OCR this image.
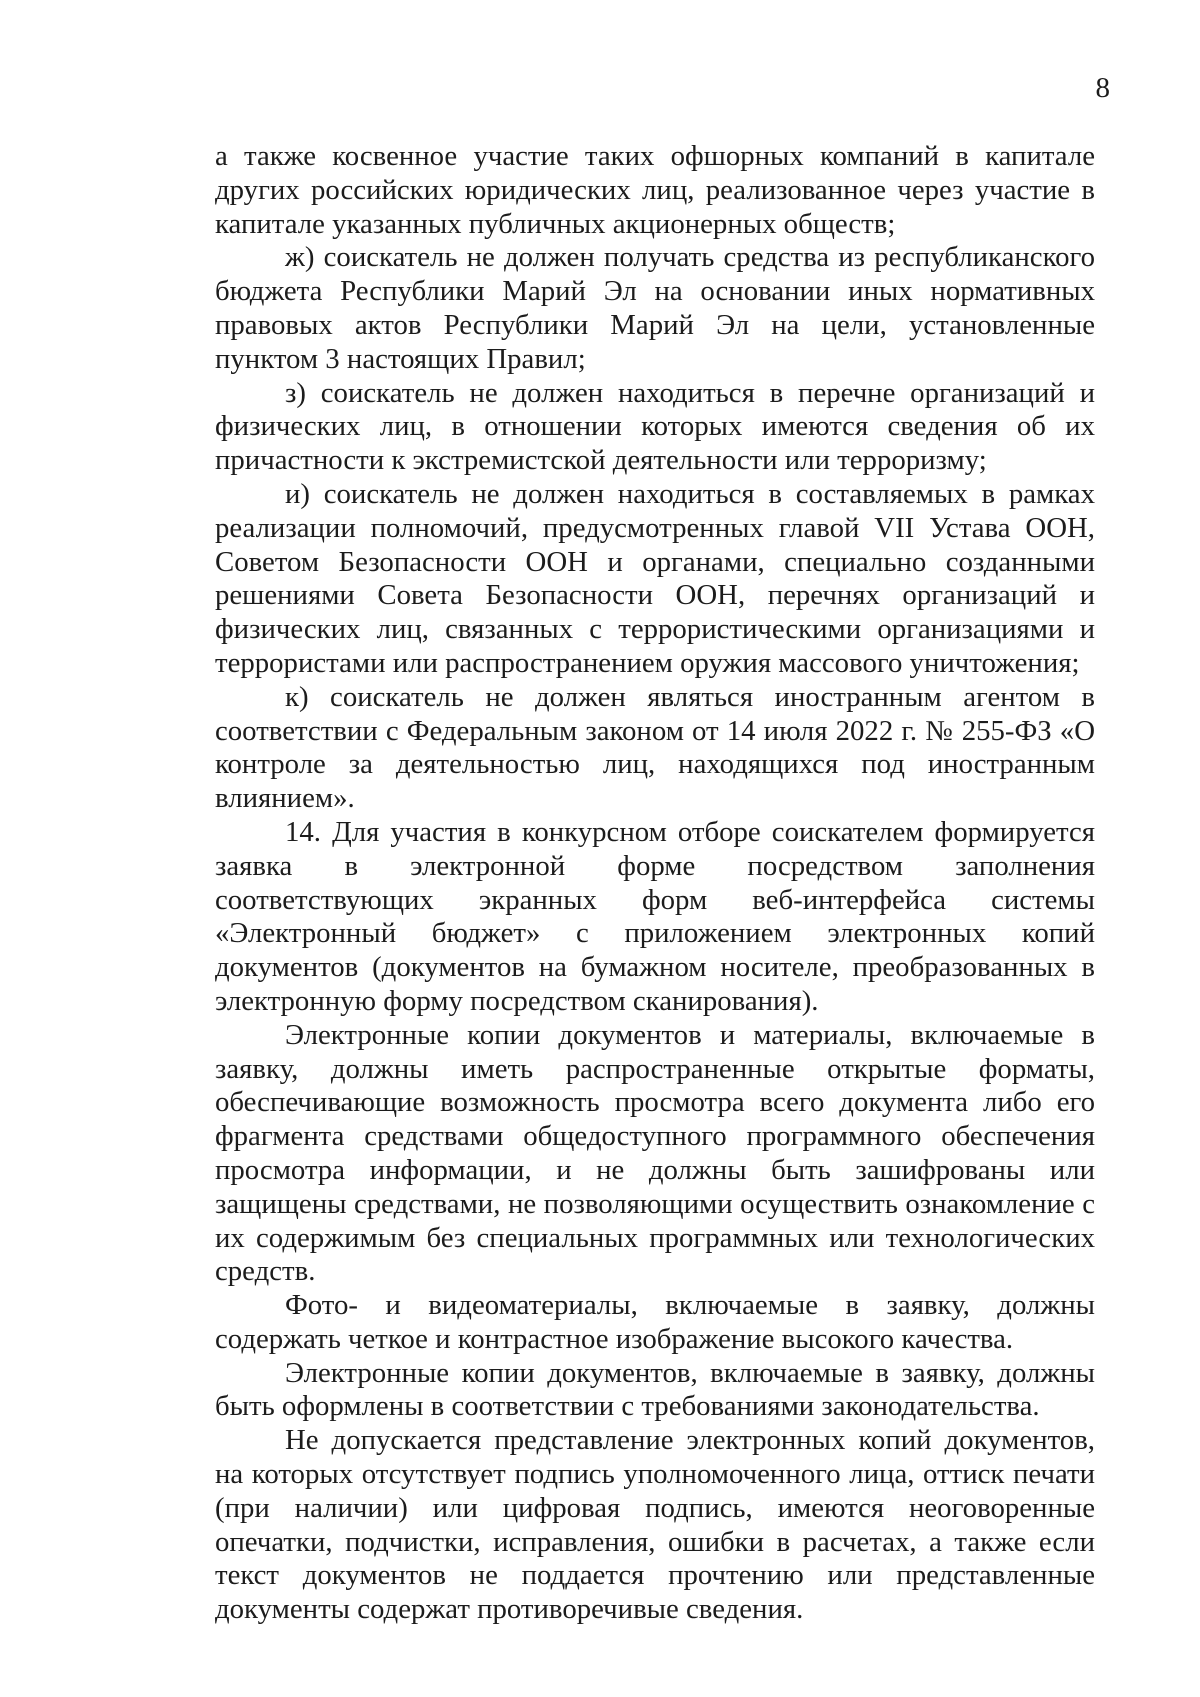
8

а также косвенное участие таких офшорных компаний в капитале других российских юридических лиц, реализованное через участие в капитале указанных публичных акционерных обществ;

ж) соискатель не должен получать средства из республиканского бюджета Республики Марий Эл на основании иных нормативных правовых актов Республики Марий Эл на цели, установленные пунктом 3 настоящих Правил;

з) соискатель не должен находиться в перечне организаций и физических лиц, в отношении которых имеются сведения об их причастности к экстремистской деятельности или терроризму;

и) соискатель не должен находиться в составляемых в рамках реализации полномочий, предусмотренных главой VII Устава ООН, Советом Безопасности ООН и органами, специально созданными решениями Совета Безопасности ООН, перечнях организаций и физических лиц, связанных с террористическими организациями и террористами или распространением оружия массового уничтожения;

к) соискатель не должен являться иностранным агентом в соответствии с Федеральным законом от 14 июля 2022 г. № 255-ФЗ «О контроле за деятельностью лиц, находящихся под иностранным влиянием».

14. Для участия в конкурсном отборе соискателем формируется заявка в электронной форме посредством заполнения соответствующих экранных форм веб-интерфейса системы «Электронный бюджет» с приложением электронных копий документов (документов на бумажном носителе, преобразованных в электронную форму посредством сканирования).

Электронные копии документов и материалы, включаемые в заявку, должны иметь распространенные открытые форматы, обеспечивающие возможность просмотра всего документа либо его фрагмента средствами общедоступного программного обеспечения просмотра информации, и не должны быть зашифрованы или защищены средствами, не позволяющими осуществить ознакомление с их содержимым без специальных программных или технологических средств.

Фото- и видеоматериалы, включаемые в заявку, должны содержать четкое и контрастное изображение высокого качества.

Электронные копии документов, включаемые в заявку, должны быть оформлены в соответствии с требованиями законодательства.

Не допускается представление электронных копий документов, на которых отсутствует подпись уполномоченного лица, оттиск печати (при наличии) или цифровая подпись, имеются неоговоренные опечатки, подчистки, исправления, ошибки в расчетах, а также если текст документов не поддается прочтению или представленные документы содержат противоречивые сведения.
